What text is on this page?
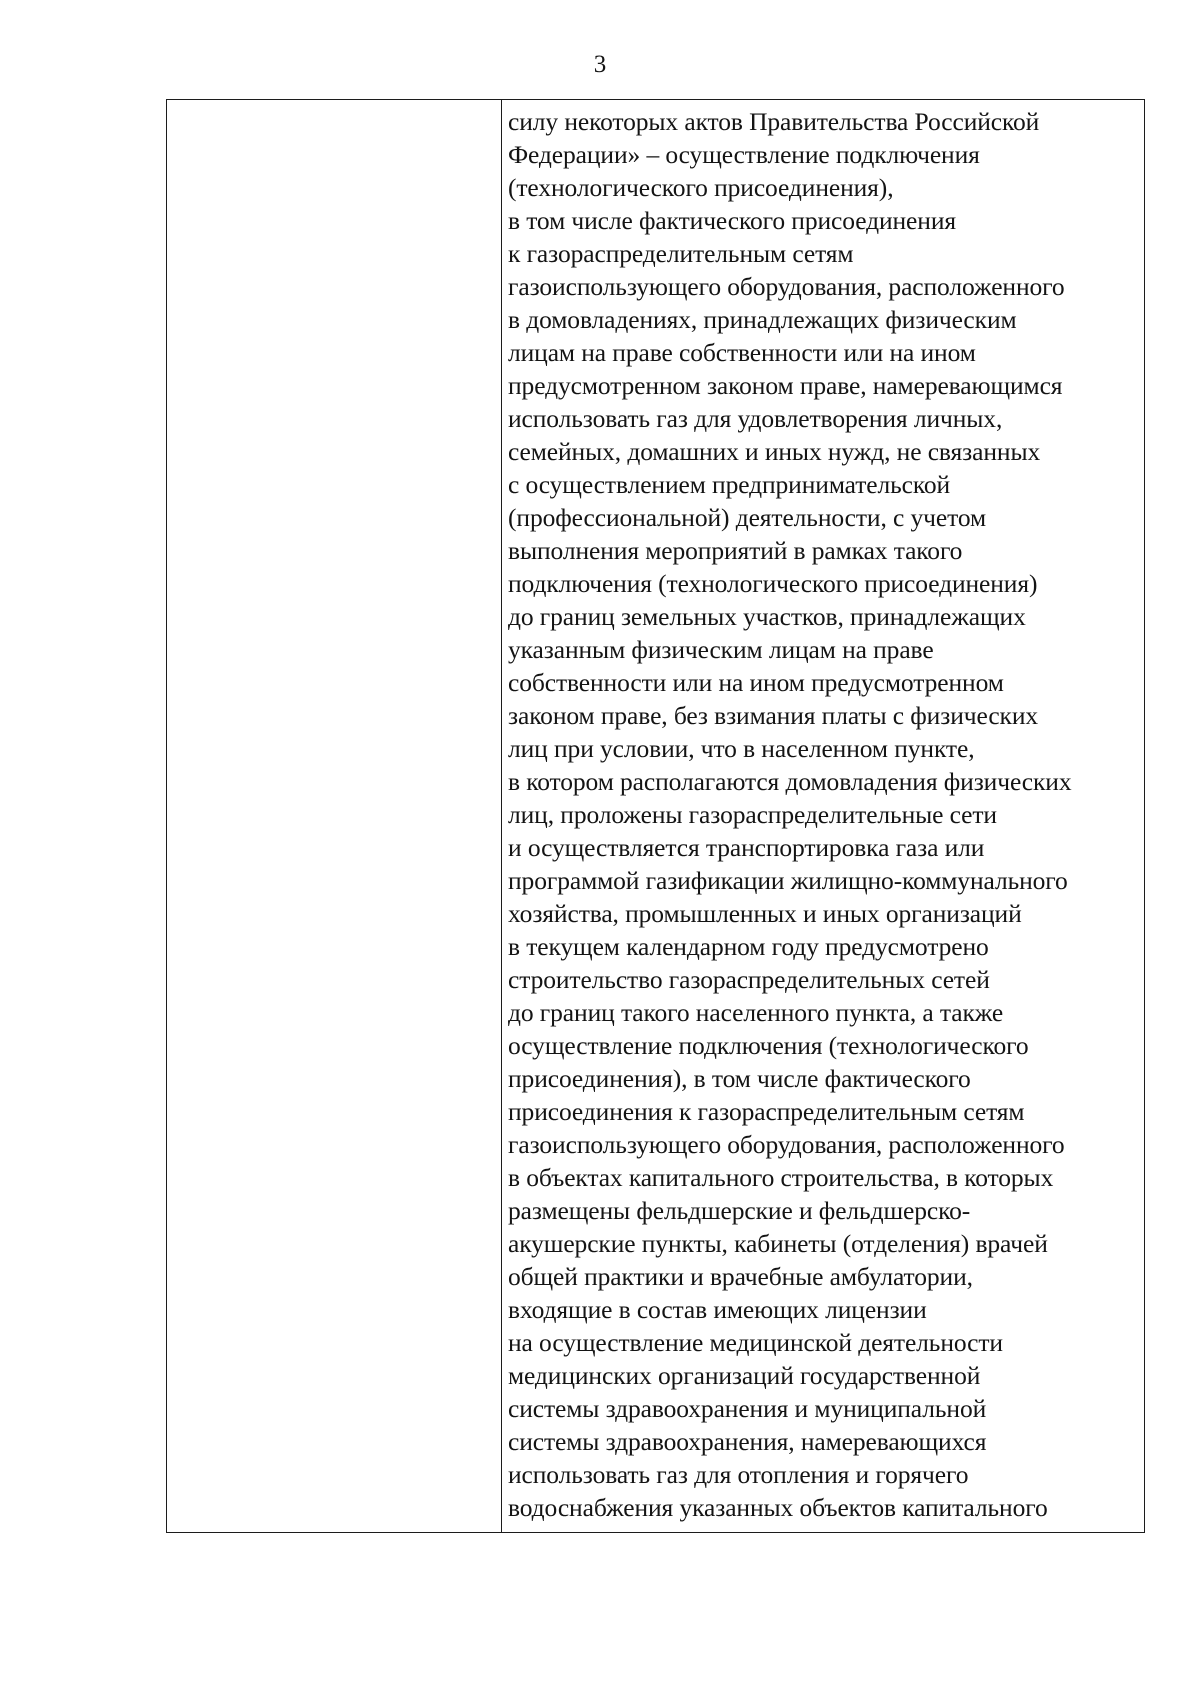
3
силу некоторых актов Правительства Российской
Федерации» – осуществление подключения
(технологического присоединения),
в том числе фактического присоединения
к газораспределительным сетям
газоиспользующего оборудования, расположенного
в домовладениях, принадлежащих физическим
лицам на праве собственности или на ином
предусмотренном законом праве, намеревающимся
использовать газ для удовлетворения личных,
семейных, домашних и иных нужд, не связанных
с осуществлением предпринимательской
(профессиональной) деятельности, с учетом
выполнения мероприятий в рамках такого
подключения (технологического присоединения)
до границ земельных участков, принадлежащих
указанным физическим лицам на праве
собственности или на ином предусмотренном
законом праве, без взимания платы с физических
лиц при условии, что в населенном пункте,
в котором располагаются домовладения физических
лиц, проложены газораспределительные сети
и осуществляется транспортировка газа или
программой газификации жилищно-коммунального
хозяйства, промышленных и иных организаций
в текущем календарном году предусмотрено
строительство газораспределительных сетей
до границ такого населенного пункта, а также
осуществление подключения (технологического
присоединения), в том числе фактического
присоединения к газораспределительным сетям
газоиспользующего оборудования, расположенного
в объектах капитального строительства, в которых
размещены фельдшерские и фельдшерско-
акушерские пункты, кабинеты (отделения) врачей
общей практики и врачебные амбулатории,
входящие в состав имеющих лицензии
на осуществление медицинской деятельности
медицинских организаций государственной
системы здравоохранения и муниципальной
системы здравоохранения, намеревающихся
использовать газ для отопления и горячего
водоснабжения указанных объектов капитального
